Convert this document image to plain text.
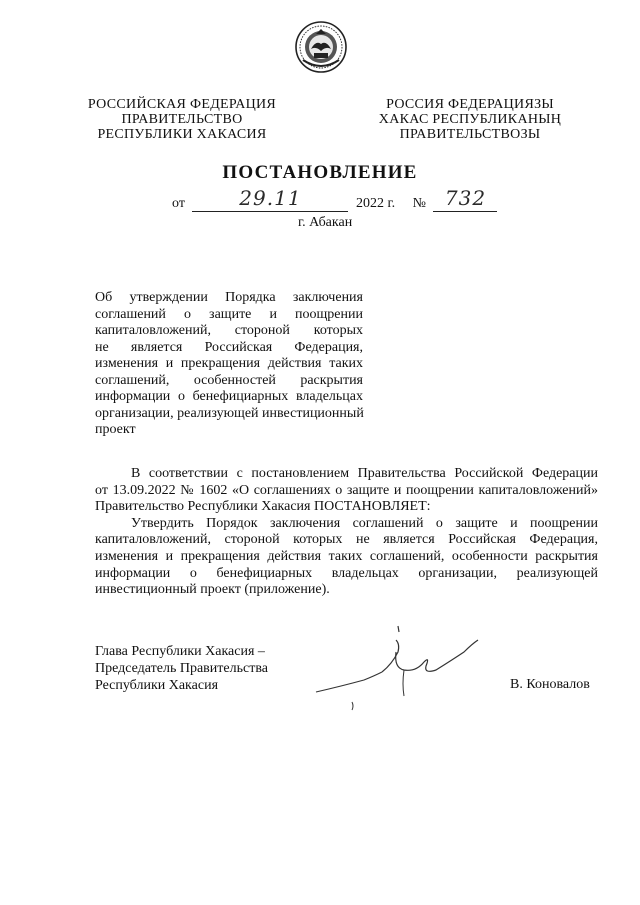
РОССИЙСКАЯ ФЕДЕРАЦИЯ
ПРАВИТЕЛЬСТВО
РЕСПУБЛИКИ ХАКАСИЯ
РОССИЯ ФЕДЕРАЦИЯЗЫ
ХАКАС РЕСПУБЛИКАНЫҢ
ПРАВИТЕЛЬСТВОЗЫ
ПОСТАНОВЛЕНИЕ
от	29.11	2022 г. № 732
г. Абакан
Об утверждении Порядка заключения
соглашений о защите и поощрении
капиталовложений, стороной которых
не является Российская Федерация,
изменения и прекращения действия таких
соглашений, особенностей раскрытия
информации о бенефициарных владельцах
организации, реализующей инвестиционный
проект
В соответствии с постановлением Правительства Российской Федерации
от 13.09.2022 № 1602 «О соглашениях о защите и поощрении капиталовложений»
Правительство Республики Хакасия ПОСТАНОВЛЯЕТ:
Утвердить Порядок заключения соглашений о защите и поощрении
капиталовложений, стороной которых не является Российская Федерация,
изменения и прекращения действия таких соглашений, особенности раскрытия
информации о бенефициарных владельцах организации, реализующей
инвестиционный проект (приложение).
Глава Республики Хакасия –
Председатель Правительства
Республики Хакасия	В. Коновалов
